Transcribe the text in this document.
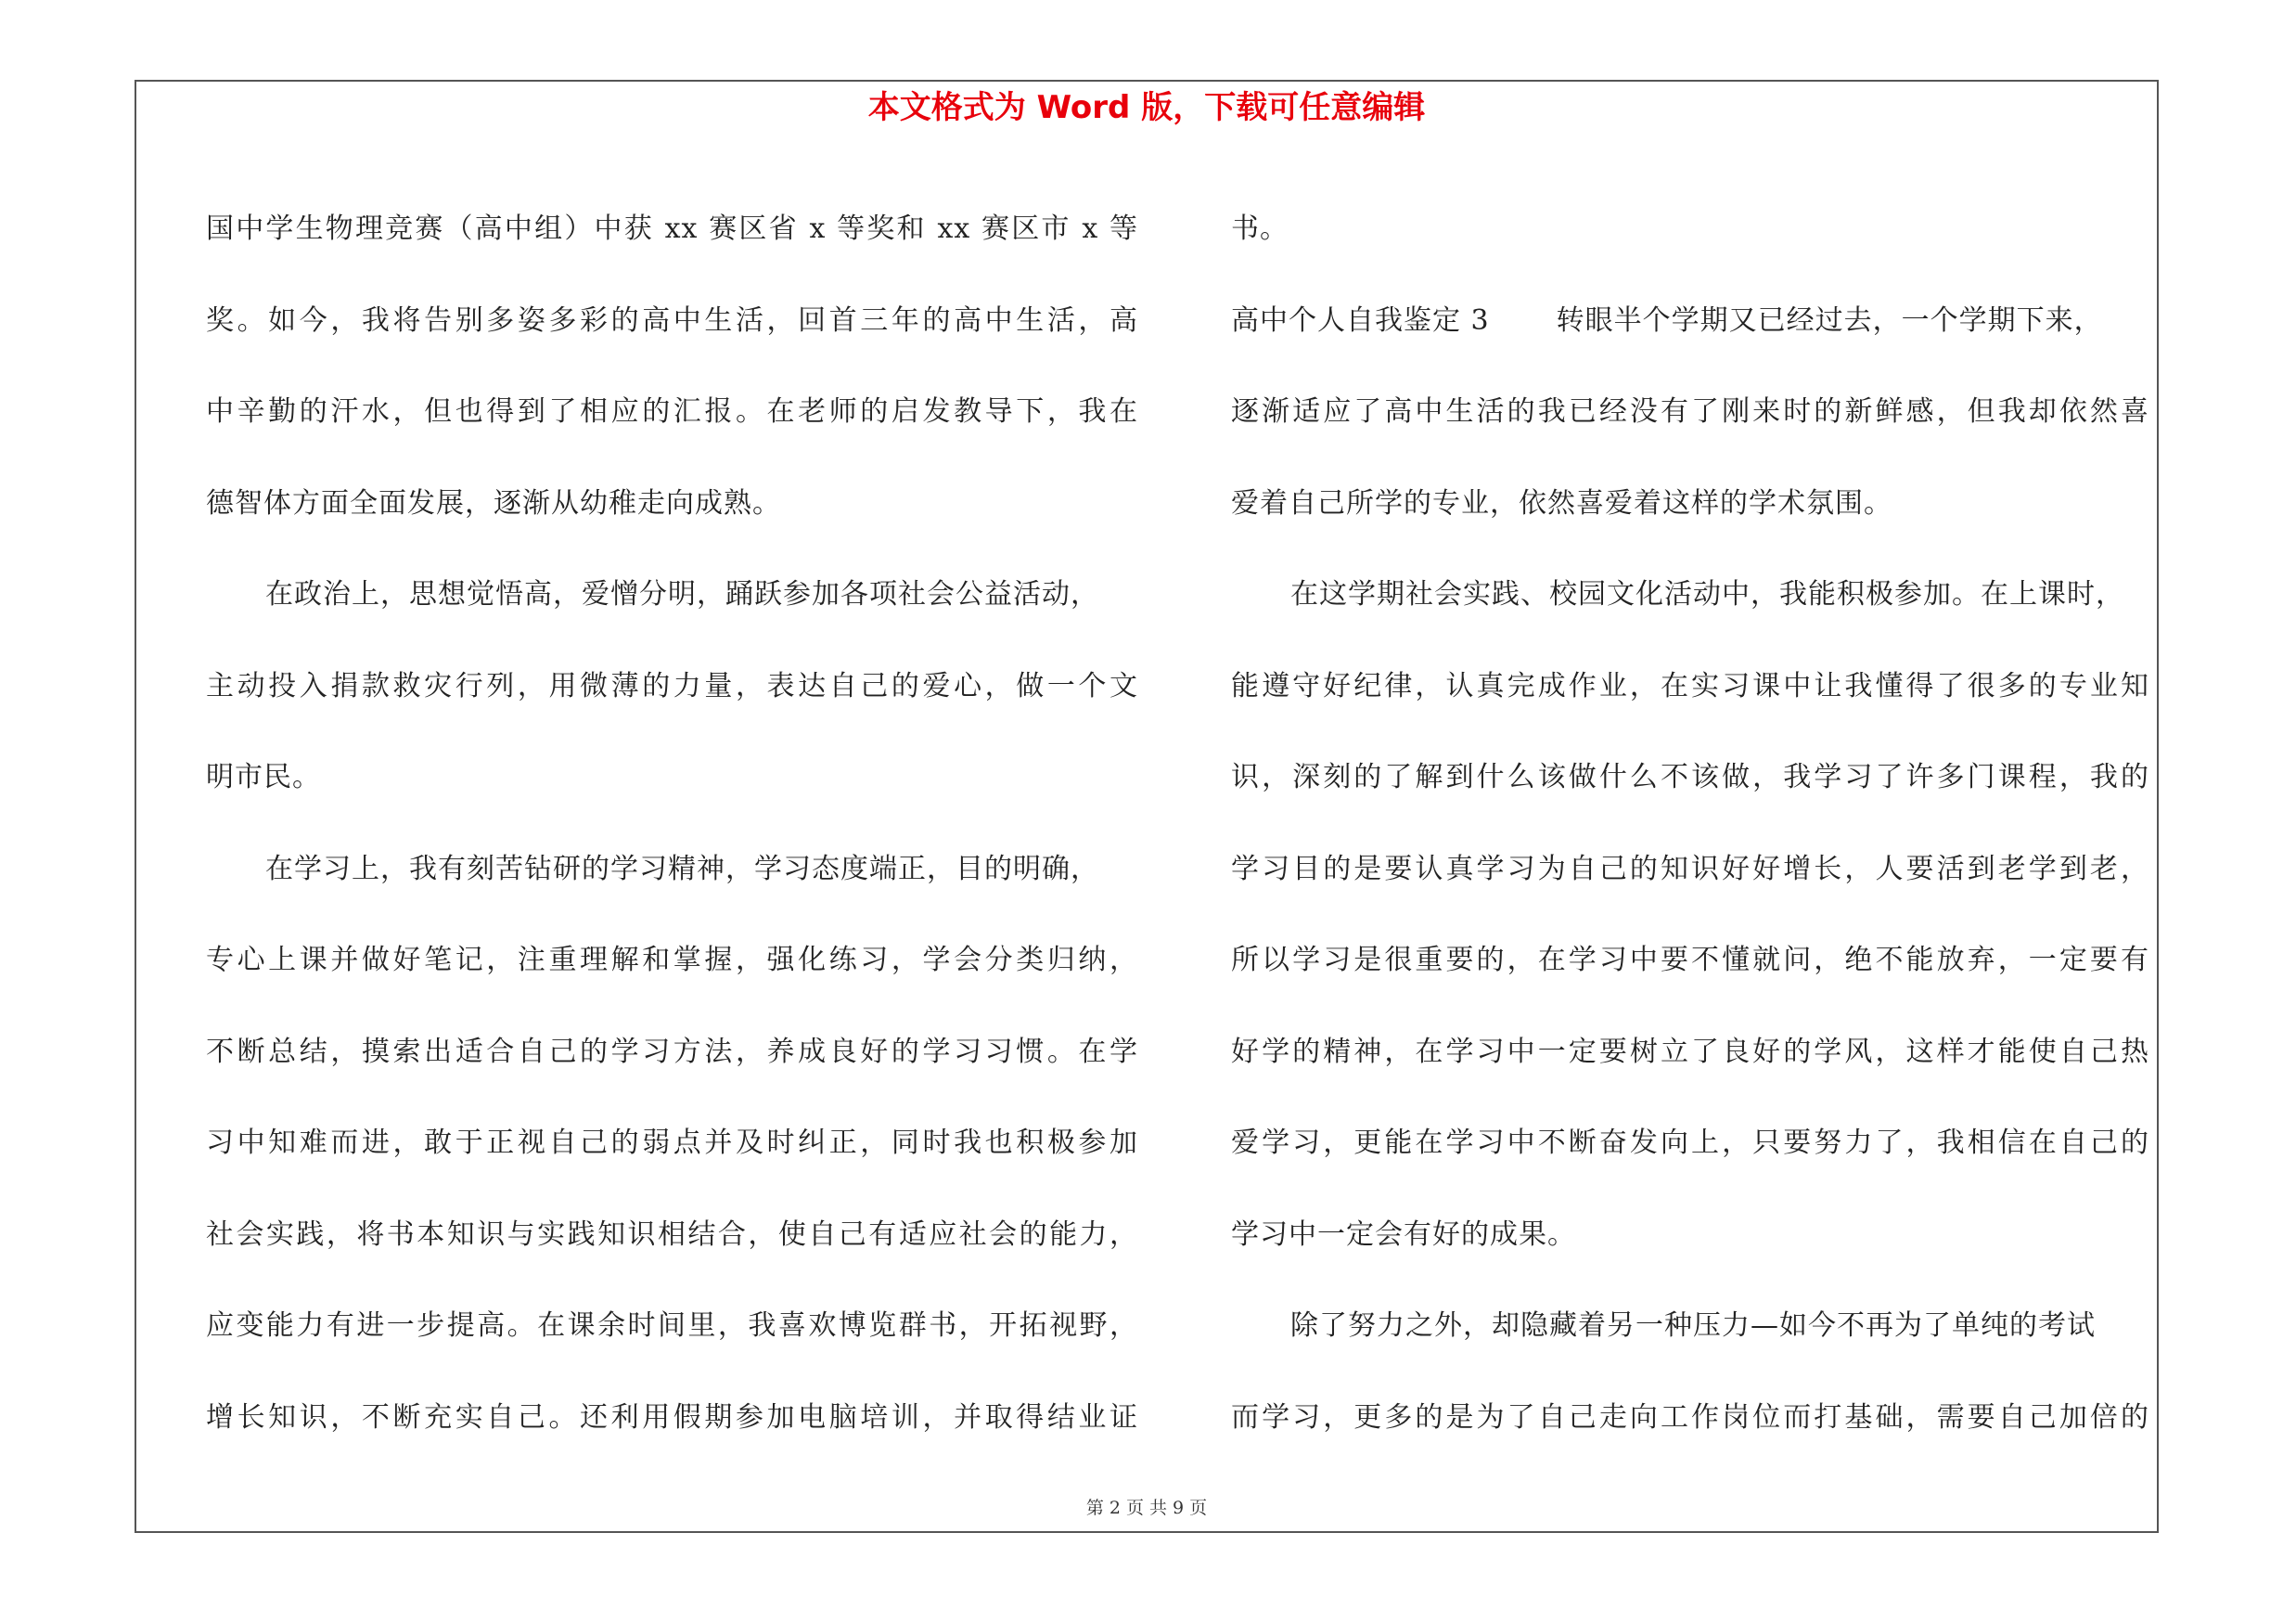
本文格式为 Word 版，下载可任意编辑
国中学生物理竞赛（高中组）中获 xx 赛区省 x 等奖和 xx 赛区市 x 等
奖。如今，我将告别多姿多彩的高中生活，回首三年的高中生活，高
中辛勤的汗水，但也得到了相应的汇报。在老师的启发教导下，我在
德智体方面全面发展，逐渐从幼稚走向成熟。
在政治上，思想觉悟高，爱憎分明，踊跃参加各项社会公益活动，
主动投入捐款救灾行列，用微薄的力量，表达自己的爱心，做一个文
明市民。
在学习上，我有刻苦钻研的学习精神，学习态度端正，目的明确，
专心上课并做好笔记，注重理解和掌握，强化练习，学会分类归纳，
不断总结，摸索出适合自己的学习方法，养成良好的学习习惯。在学
习中知难而进，敢于正视自己的弱点并及时纠正，同时我也积极参加
社会实践，将书本知识与实践知识相结合，使自己有适应社会的能力，
应变能力有进一步提高。在课余时间里，我喜欢博览群书，开拓视野，
增长知识，不断充实自己。还利用假期参加电脑培训，并取得结业证
书。
高中个人自我鉴定 3 转眼半个学期又已经过去，一个学期下来，
逐渐适应了高中生活的我已经没有了刚来时的新鲜感，但我却依然喜
爱着自己所学的专业，依然喜爱着这样的学术氛围。
在这学期社会实践、校园文化活动中，我能积极参加。在上课时，
能遵守好纪律，认真完成作业，在实习课中让我懂得了很多的专业知
识，深刻的了解到什么该做什么不该做，我学习了许多门课程，我的
学习目的是要认真学习为自己的知识好好增长，人要活到老学到老，
所以学习是很重要的，在学习中要不懂就问，绝不能放弃，一定要有
好学的精神，在学习中一定要树立了良好的学风，这样才能使自己热
爱学习，更能在学习中不断奋发向上，只要努力了，我相信在自己的
学习中一定会有好的成果。
除了努力之外，却隐藏着另一种压力—如今不再为了单纯的考试
而学习，更多的是为了自己走向工作岗位而打基础，需要自己加倍的
第 2 页 共 9 页
